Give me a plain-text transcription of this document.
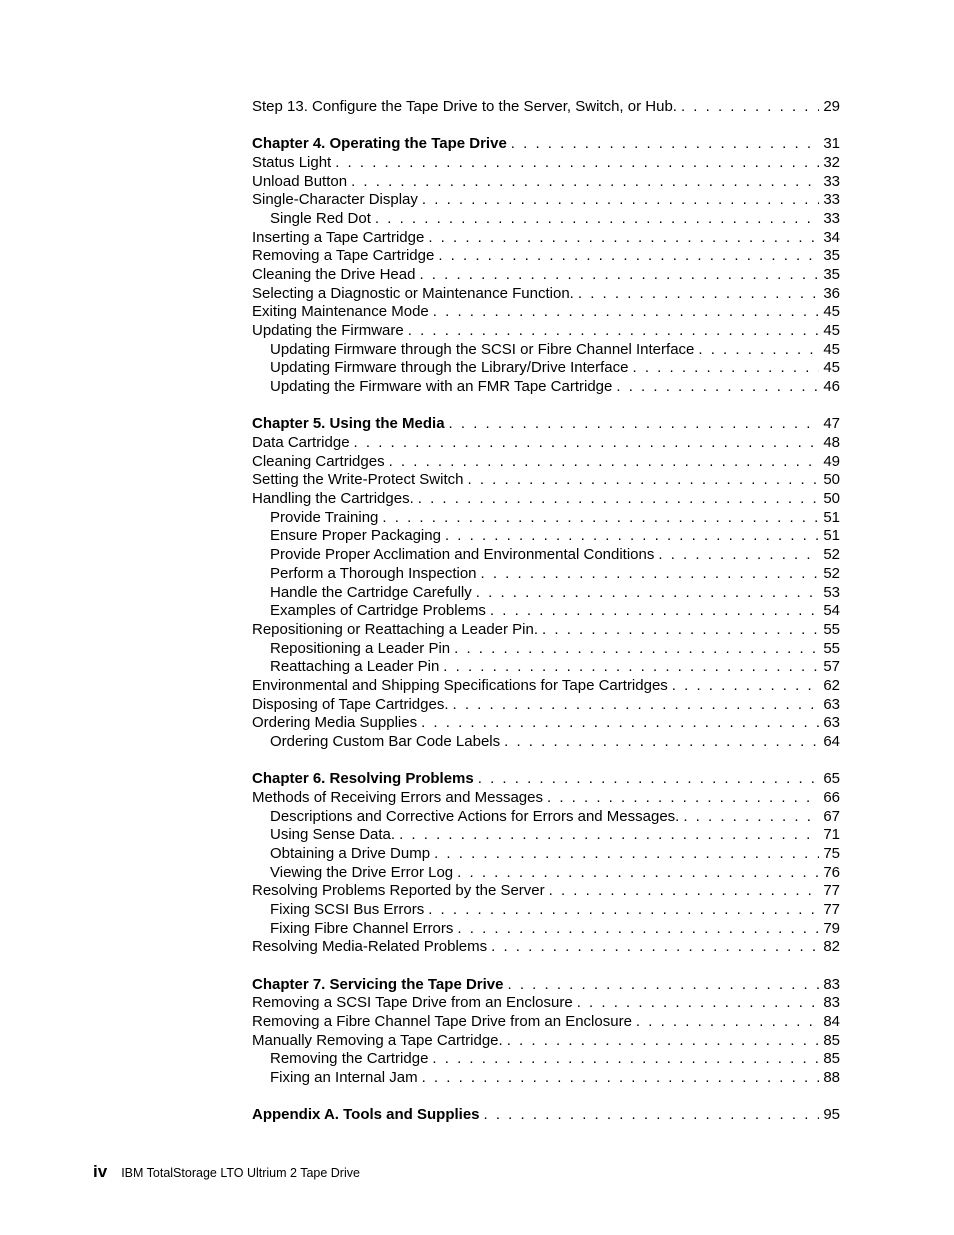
Step 13. Configure the Tape Drive to the Server, Switch, or Hub. . . .	29
Chapter 4. Operating the Tape Drive . . .	31
Status Light . . .	32
Unload Button . . .	33
Single-Character Display . . .	33
Single Red Dot . . .	33
Inserting a Tape Cartridge . . .	34
Removing a Tape Cartridge . . .	35
Cleaning the Drive Head . . .	35
Selecting a Diagnostic or Maintenance Function. . . .	36
Exiting Maintenance Mode . . .	45
Updating the Firmware . . .	45
Updating Firmware through the SCSI or Fibre Channel Interface . . .	45
Updating Firmware through the Library/Drive Interface . . .	45
Updating the Firmware with an FMR Tape Cartridge . . .	46
Chapter 5. Using the Media . . .	47
Data Cartridge . . .	48
Cleaning Cartridges . . .	49
Setting the Write-Protect Switch . . .	50
Handling the Cartridges. . . .	50
Provide Training . . .	51
Ensure Proper Packaging . . .	51
Provide Proper Acclimation and Environmental Conditions . . .	52
Perform a Thorough Inspection . . .	52
Handle the Cartridge Carefully . . .	53
Examples of Cartridge Problems . . .	54
Repositioning or Reattaching a Leader Pin. . . .	55
Repositioning a Leader Pin . . .	55
Reattaching a Leader Pin . . .	57
Environmental and Shipping Specifications for Tape Cartridges . . .	62
Disposing of Tape Cartridges. . . .	63
Ordering Media Supplies . . .	63
Ordering Custom Bar Code Labels . . .	64
Chapter 6. Resolving Problems . . .	65
Methods of Receiving Errors and Messages . . .	66
Descriptions and Corrective Actions for Errors and Messages. . . .	67
Using Sense Data. . . .	71
Obtaining a Drive Dump . . .	75
Viewing the Drive Error Log . . .	76
Resolving Problems Reported by the Server . . .	77
Fixing SCSI Bus Errors . . .	77
Fixing Fibre Channel Errors . . .	79
Resolving Media-Related Problems . . .	82
Chapter 7. Servicing the Tape Drive . . .	83
Removing a SCSI Tape Drive from an Enclosure . . .	83
Removing a Fibre Channel Tape Drive from an Enclosure . . .	84
Manually Removing a Tape Cartridge. . . .	85
Removing the Cartridge . . .	85
Fixing an Internal Jam . . .	88
Appendix A. Tools and Supplies . . .	95
iv IBM TotalStorage LTO Ultrium 2 Tape Drive
